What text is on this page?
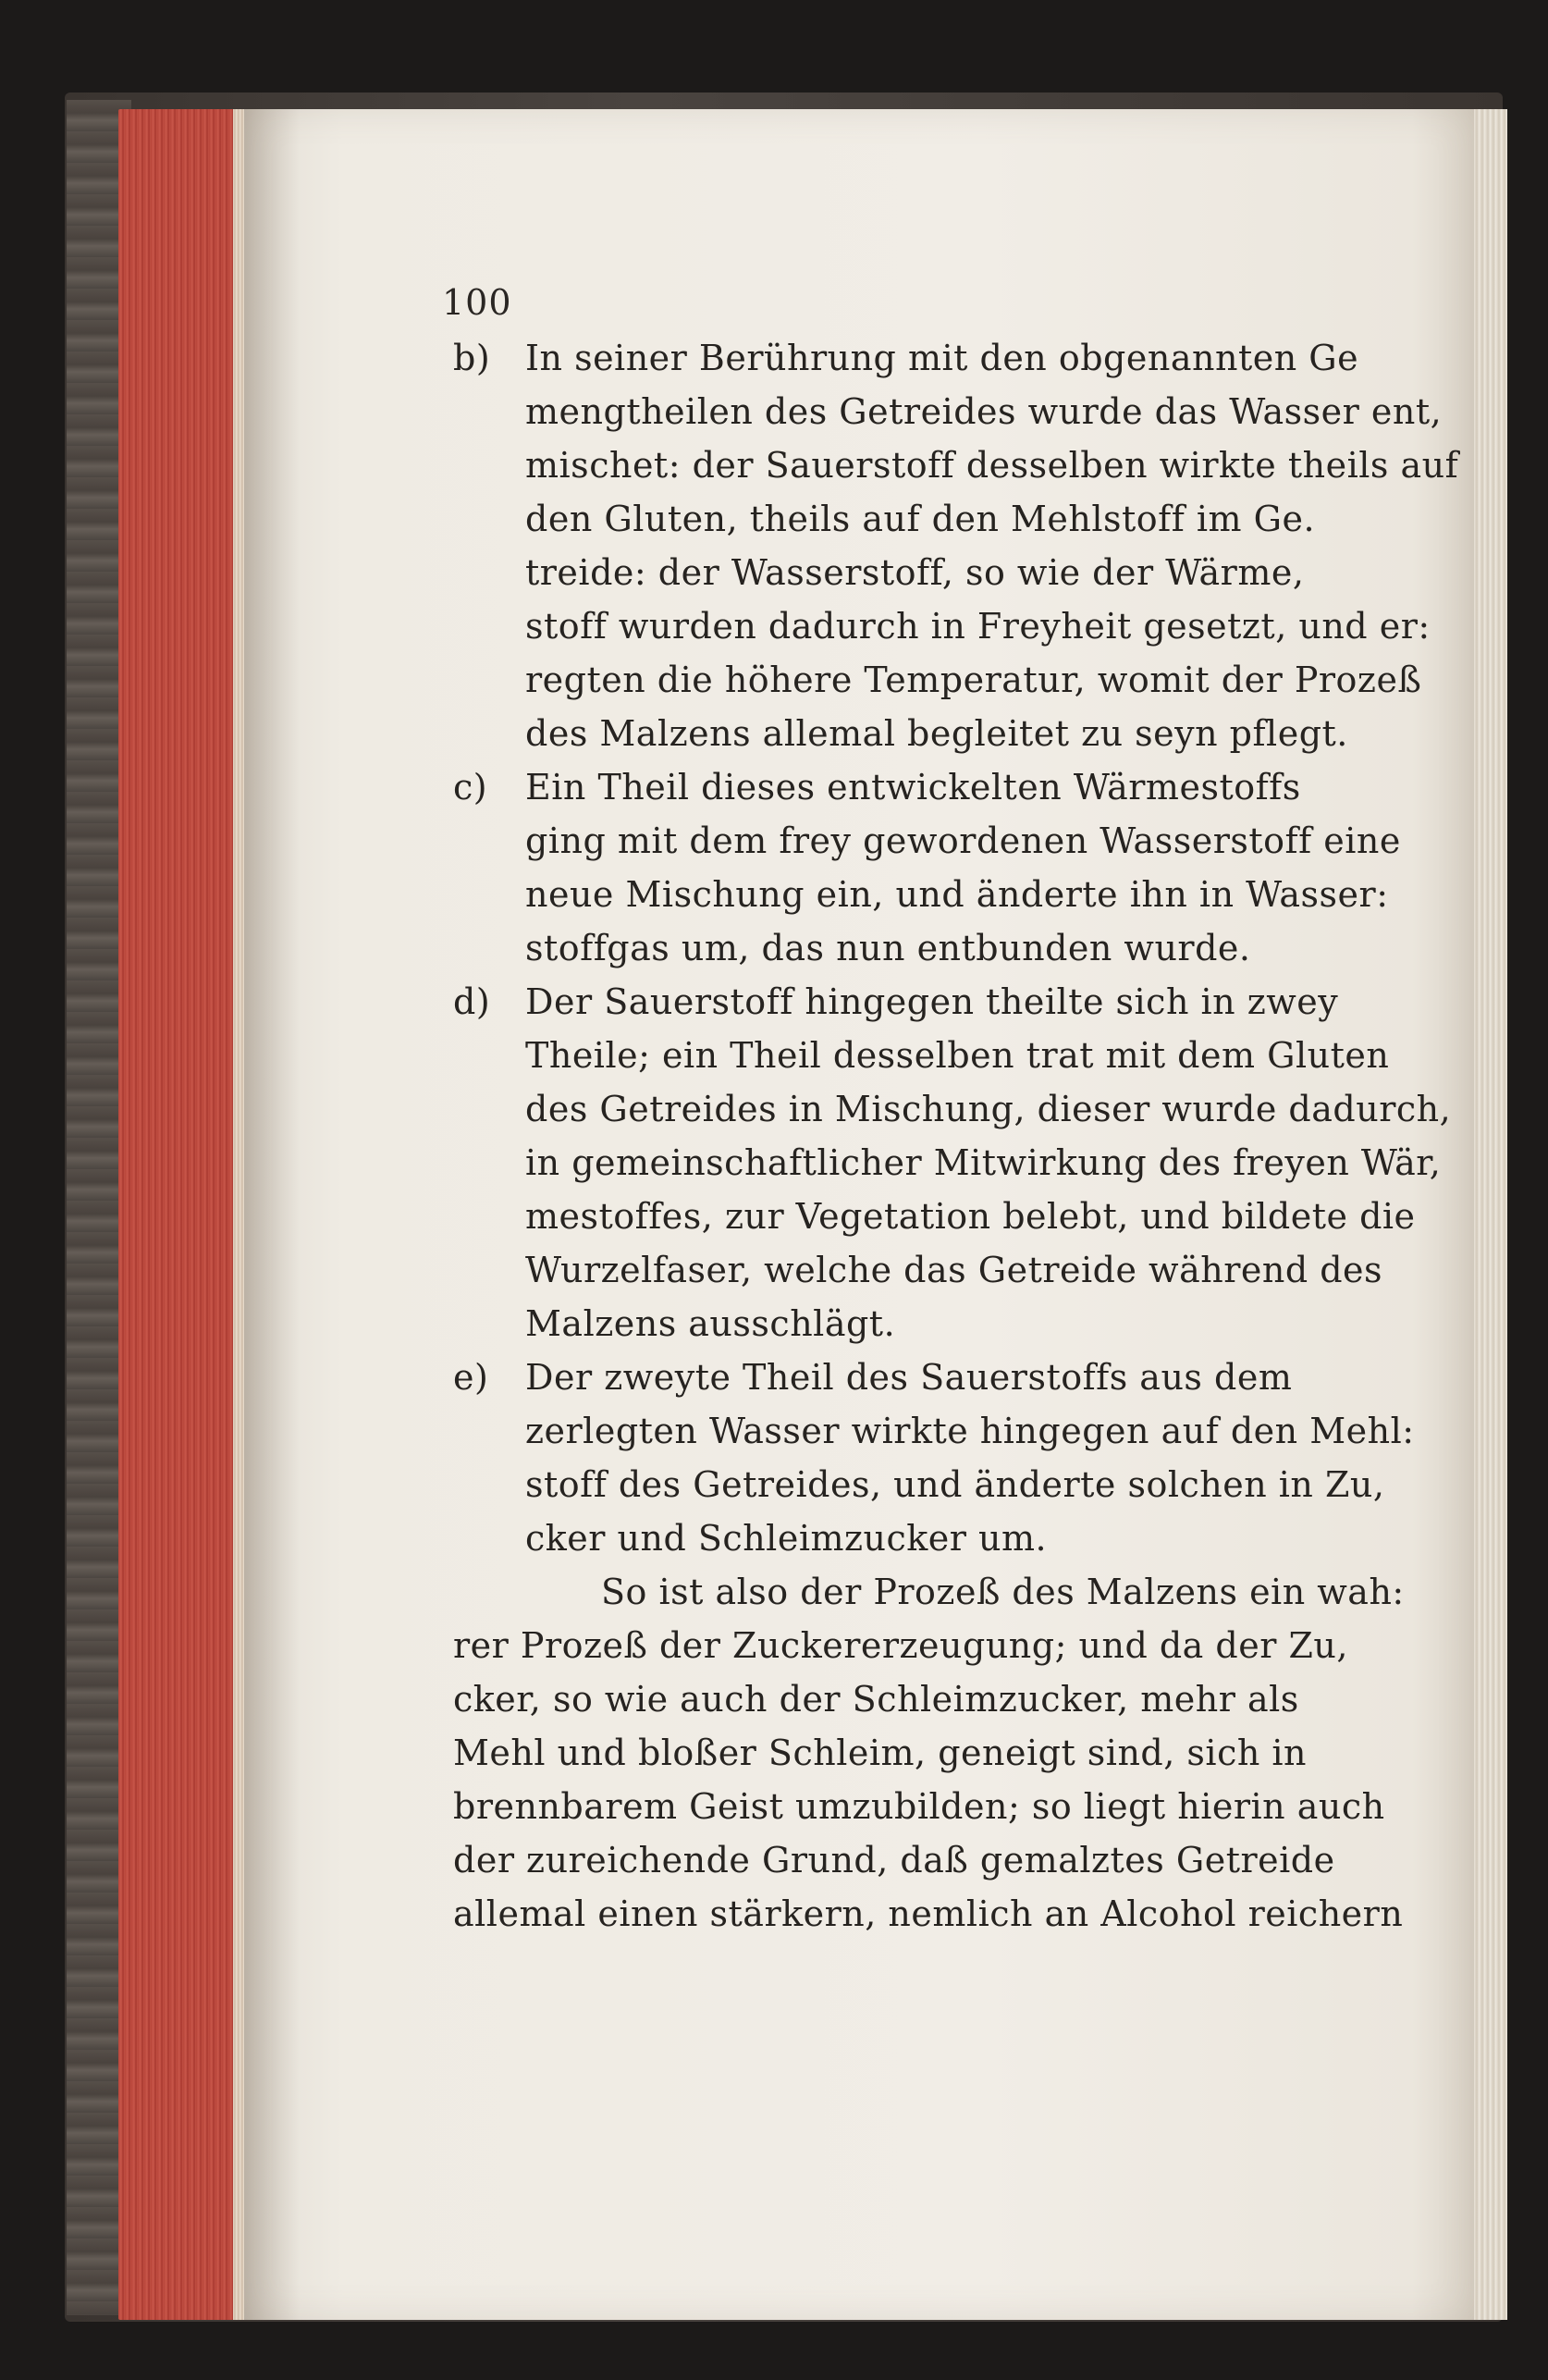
100
b) In seiner Berührung mit den obgenannten Ge
mengtheilen des Getreides wurde das Wasser ent,
mischet: der Sauerstoff desselben wirkte theils auf
den Gluten, theils auf den Mehlstoff im Ge.
treide: der Wasserstoff, so wie der Wärme,
stoff wurden dadurch in Freyheit gesetzt, und er:
regten die höhere Temperatur, womit der Prozeß
des Malzens allemal begleitet zu seyn pflegt.
c) Ein Theil dieses entwickelten Wärmestoffs
ging mit dem frey gewordenen Wasserstoff eine
neue Mischung ein, und änderte ihn in Wasser:
stoffgas um, das nun entbunden wurde.
d) Der Sauerstoff hingegen theilte sich in zwey
Theile; ein Theil desselben trat mit dem Gluten
des Getreides in Mischung, dieser wurde dadurch,
in gemeinschaftlicher Mitwirkung des freyen Wär,
mestoffes, zur Vegetation belebt, und bildete die
Wurzelfaser, welche das Getreide während des
Malzens ausschlägt.
e) Der zweyte Theil des Sauerstoffs aus dem
zerlegten Wasser wirkte hingegen auf den Mehl:
stoff des Getreides, und änderte solchen in Zu,
cker und Schleimzucker um.
So ist also der Prozeß des Malzens ein wah:
rer Prozeß der Zuckererzeugung; und da der Zu,
cker, so wie auch der Schleimzucker, mehr als
Mehl und bloßer Schleim, geneigt sind, sich in
brennbarem Geist umzubilden; so liegt hierin auch
der zureichende Grund, daß gemalztes Getreide
allemal einen stärkern, nemlich an Alcohol reichern
